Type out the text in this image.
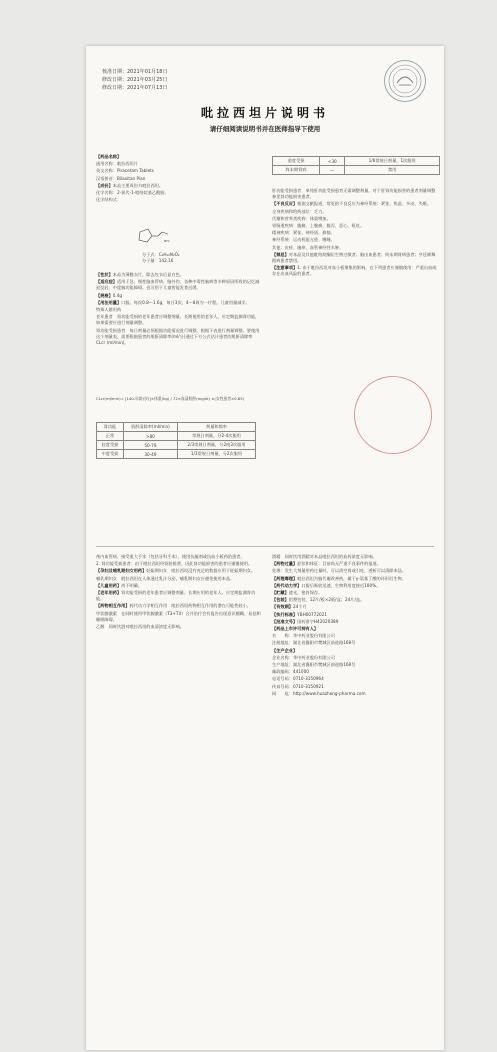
核准日期：2021年01月18日
修改日期：2021年03月25日
修改日期：2021年07月13日
吡拉西坦片说明书
请仔细阅读说明书并在医师指导下使用

【药品名称】

通用名称：吡拉西坦片

英文名称：Piracetam Tablets

汉语拼音：Bilaxitan Pian

【成份】本品主要成份为吡拉西坦。

化学名称：2-氧代-1-吡咯烷基乙酰胺。

化学结构式：

NH₂
分子式：C₆H₁₀N₂O₂
分子量：142.16

【性状】本品为薄膜衣片，除去包衣后显白色。

【适应症】适用于急、慢性脑血管病、脑外伤、各种中毒性脑病等多种原因所致的记忆减退及轻、中度脑功能障碍。也可用于儿童智能发育迟缓。

【规格】0.4g

【用法用量】口服。每次0.8～1.6g，每日3次，4～8周为一疗程。儿童用量减半。

特殊人群用药

老年患者　肾功能受损的老年患者应调整剂量。长期使用的老年人，应定期监测肾功能，如果需要应进行剂量调整。

肾功能受损患者　每日剂量必须根据功能情况进行调整。根据下表进行剂量调整。要使用这个剂量表，需要根据患者的肌酐清除率(ml/分)通过下方公式估计患者的肌酐清除率CLcr (ml/min)。

CLcr(ml/min)= [140-年龄(岁)]×体重(kg) / 72×血清肌酐(mg/dl) ×(女性患者×0.85)
肾功能	肌酐清除率(ml/min)	剂量和频率
正常	>80	常规日剂量，分2-4次服用
轻度受损	50-79	2/3常规日剂量，分2或3次服用
中度受损	30-49	1/3常规日剂量，分2次服用
重度受损	<30	1/6常规日剂量，1次服用
终末期肾病	—	禁用

肝功能受损患者　单纯肝功能受损患者无需调整剂量。对于肝肾功能损害的患者剂量调整参见肾功能损害患者。

【不良反应】根据文献报道，常见的不良反应为神经系统：紧张、焦虑、多动、失眠。

全身疾病和给药部位：乏力。

代谢和营养类疾病：体重增加。

胃肠道疾病：腹痛、上腹痛、腹泻、恶心、呕吐。

精神疾病：紧张、神经质、抑郁。

神经系统：运动机能亢进、嗜睡。

其他：皮疹、瘙痒、血管神经性水肿。

【禁忌】对本品及其他吡咯烷酮衍生物过敏者；脑出血患者；终末期肾病患者；亨廷顿舞蹈病患者禁用。

【注意事项】1. 由于吡拉西坦对血小板聚集的影响，在下列患者应谨慎使用：严重出血或存在出血风险的患者。

颅内血管病、接受重大手术（包括牙科手术）、使用抗凝剂或抗血小板药的患者。

2. 肾功能受损患者：由于吡拉西坦经肾脏排泄，因此肾功能损害的患者应谨慎使用。

【孕妇及哺乳期妇女用药】妊娠期妇女　吡拉西坦没有充足的数据应用于妊娠期妇女。

哺乳期妇女　吡拉西坦在人体通过乳汁分泌，哺乳期妇女应避免使用本品。

【儿童用药】尚不明确。

【老年用药】肾功能受损的老年患者应调整剂量。长期应用的老年人，应定期监测肾功能。

【药物相互作用】药代动力学相互作用　吡拉西坦药物相互作用的潜在可能性较小。

甲状腺激素　在同时使用甲状腺激素（T3+T4）合并治疗会有报告出现意识模糊、易怒和睡眠障碍。

乙醇　同时饮酒对吡拉西坦的血清浓度无影响。

酒精　同时饮用酒精对本品吡拉西坦的血药浓度无影响。

【药物过量】症状和体征：目前尚无严重不良事件的报道。

处理：发生大剂量用药过量时，可以清空胃或引吐，透析可以清除本品。

【药理毒理】吡拉西坦为脑代谢改善药，属于γ-氨基丁酸的环形衍生物。

【药代动力学】口服后吸收迅速，生物利用度接近100%。

【贮藏】遮光，密封保存。

【包装】铝塑包装，12片/板×2板/盒；24片/盒。

【有效期】24个月

【执行标准】YBH00772021

【批准文号】国药准字H42020389

【药品上市许可持有人】

名　　称：华中药业股份有限公司

注册地址：湖北省襄阳市樊城区前进路168号

【生产企业】

企业名称：华中药业股份有限公司

生产地址：湖北省襄阳市樊城区前进路168号

邮政编码：441000

电话号码：0710-3150964

传真号码：0710-3150921

网　　址：http://www.huazhong-pharma.com
